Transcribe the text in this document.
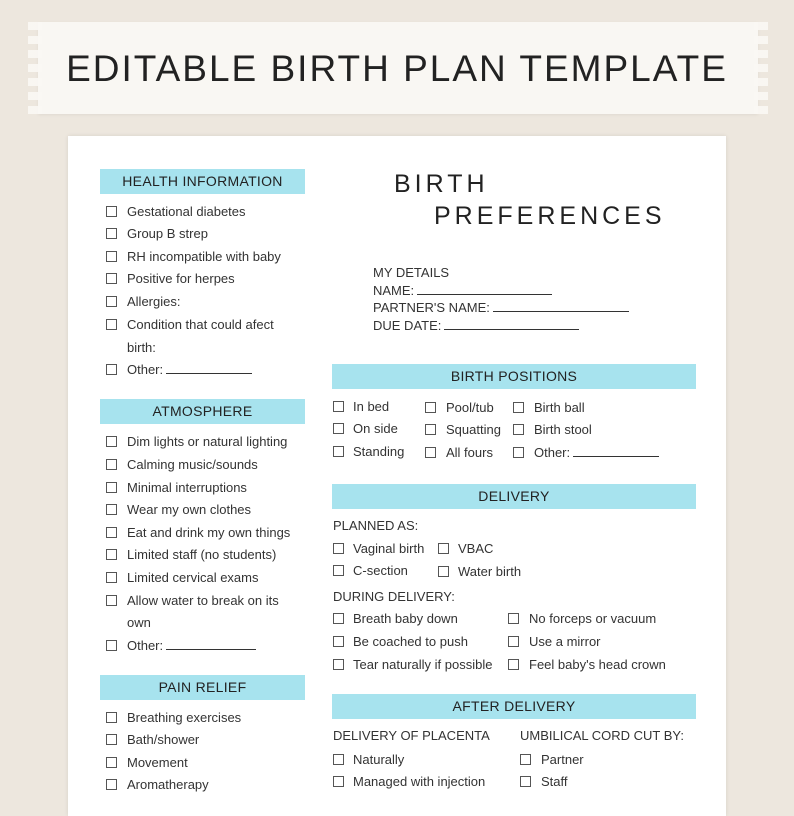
EDITABLE BIRTH PLAN TEMPLATE
BIRTH
PREFERENCES
MY DETAILS
NAME:
PARTNER'S NAME:
DUE DATE:
HEALTH INFORMATION
Gestational diabetes
Group B strep
RH incompatible with baby
Positive for herpes
Allergies:
Condition that could afect
birth:
Other:
ATMOSPHERE
Dim lights or natural lighting
Calming music/sounds
Minimal interruptions
Wear my own clothes
Eat and drink my own things
Limited staff (no students)
Limited cervical exams
Allow water to break on its
own
Other:
PAIN RELIEF
Breathing exercises
Bath/shower
Movement
Aromatherapy
BIRTH POSITIONS
In bed
On side
Standing
Pool/tub
Squatting
All fours
Birth ball
Birth stool
Other:
DELIVERY
PLANNED AS:
Vaginal birth	VBAC
C-section	Water birth
DURING DELIVERY:
Breath baby down
Be coached to push
Tear naturally if possible
No forceps or vacuum
Use a mirror
Feel baby's head crown
AFTER DELIVERY
DELIVERY OF PLACENTA UMBILICAL CORD CUT BY:
Naturally
Managed with injection
Partner
Staff
